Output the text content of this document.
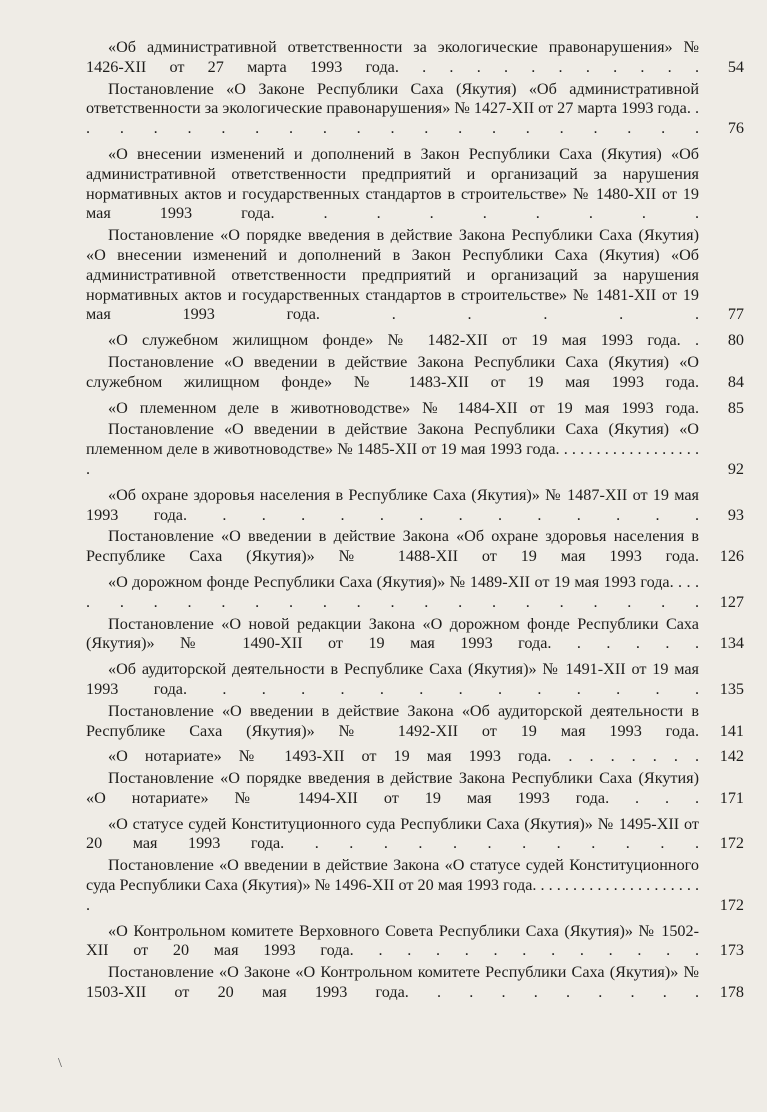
«Об административной ответственности за экологические правонарушения» № 1426-XII от 27 марта 1993 года. . . . . . . . . . . .	54
Постановление «О Законе Республики Саха (Якутия) «Об административной ответственности за экологические правонарушения» № 1427-XII от 27 марта 1993 года. . . . . . . . . . . . . . . . . . . . .	76
«О внесении изменений и дополнений в Закон Республики Саха (Якутия) «Об административной ответственности предприятий и организаций за нарушения нормативных актов и государственных стандартов в строительстве» № 1480-XII от 19 мая 1993 года. . . . . . . . .
Постановление «О порядке введения в действие Закона Республики Саха (Якутия) «О внесении изменений и дополнений в Закон Республики Саха (Якутия) «Об административной ответственности предприятий и организаций за нарушения нормативных актов и государственных стандартов в строительстве» № 1481-XII от 19 мая 1993 года. . . . . .	77
«О служебном жилищном фонде» № 1482-XII от 19 мая 1993 года. .	80
Постановление «О введении в действие Закона Республики Саха (Якутия) «О служебном жилищном фонде» № 1483-XII от 19 мая 1993 года.	84
«О племенном деле в животноводстве» № 1484-XII от 19 мая 1993 года.	85
Постановление «О введении в действие Закона Республики Саха (Якутия) «О племенном деле в животноводстве» № 1485-XII от 19 мая 1993 года. . . . . . . . . . . . . . . . . . .	92
«Об охране здоровья населения в Республике Саха (Якутия)» № 1487-XII от 19 мая 1993 года. . . . . . . . . . . . . .	93
Постановление «О введении в действие Закона «Об охране здоровья населения в Республике Саха (Якутия)» № 1488-XII от 19 мая 1993 года.	126
«О дорожном фонде Республики Саха (Якутия)» № 1489-XII от 19 мая 1993 года. . . . . . . . . . . . . . . . . . . . . . .	127
Постановление «О новой редакции Закона «О дорожном фонде Республики Саха (Якутия)» № 1490-XII от 19 мая 1993 года. . . . . .	134
«Об аудиторской деятельности в Республике Саха (Якутия)» № 1491-XII от 19 мая 1993 года. . . . . . . . . . . . . .	135
Постановление «О введении в действие Закона «Об аудиторской деятельности в Республике Саха (Якутия)» № 1492-XII от 19 мая 1993 года.	141
«О нотариате» № 1493-XII от 19 мая 1993 года. . . . . . . .	142
Постановление «О порядке введения в действие Закона Республики Саха (Якутия) «О нотариате» № 1494-XII от 19 мая 1993 года. . . .	171
«О статусе судей Конституционного суда Республики Саха (Якутия)» № 1495-XII от 20 мая 1993 года. . . . . . . . . . . . .	172
Постановление «О введении в действие Закона «О статусе судей Конституционного суда Республики Саха (Якутия)» № 1496-XII от 20 мая 1993 года. . . . . . . . . . . . . . . . . . . . . .	172
«О Контрольном комитете Верховного Совета Республики Саха (Якутия)» № 1502-XII от 20 мая 1993 года. . . . . . . . . . . . .	173
Постановление «О Законе «О Контрольном комитете Республики Саха (Якутия)» № 1503-XII от 20 мая 1993 года. . . . . . . . . .	178
\
